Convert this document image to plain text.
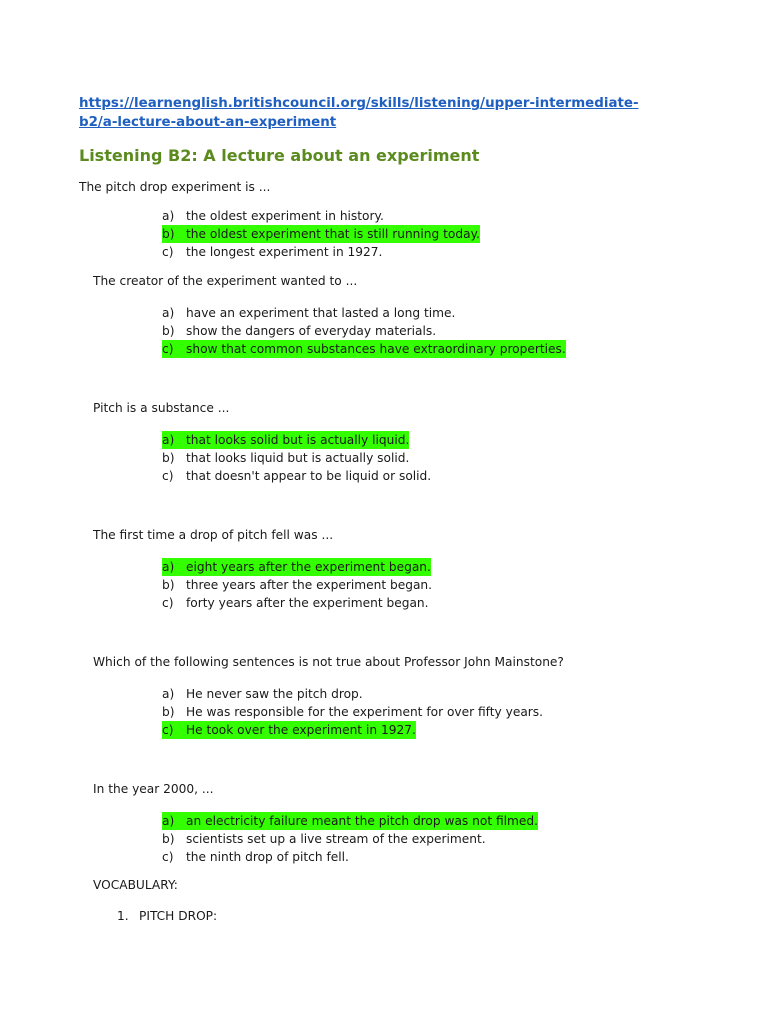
https://learnenglish.britishcouncil.org/skills/listening/upper-intermediate-b2/a-lecture-about-an-experiment
Listening B2: A lecture about an experiment
The pitch drop experiment is ...
a) the oldest experiment in history.
b) the oldest experiment that is still running today.
c)	the longest experiment in 1927.
The creator of the experiment wanted to ...
a) have an experiment that lasted a long time.
b) show the dangers of everyday materials.
c)	show that common substances have extraordinary properties.
Pitch is a substance ...
a) that looks solid but is actually liquid.
b) that looks liquid but is actually solid.
c)	that doesn't appear to be liquid or solid.
The first time a drop of pitch fell was ...
a) eight years after the experiment began.
b) three years after the experiment began.
c)	forty years after the experiment began.
Which of the following sentences is not true about Professor John Mainstone?
a) He never saw the pitch drop.
b) He was responsible for the experiment for over fifty years.
c)	He took over the experiment in 1927.
In the year 2000, ...
a) an electricity failure meant the pitch drop was not filmed.
b) scientists set up a live stream of the experiment.
c)	the ninth drop of pitch fell.
VOCABULARY:
1. PITCH DROP:
